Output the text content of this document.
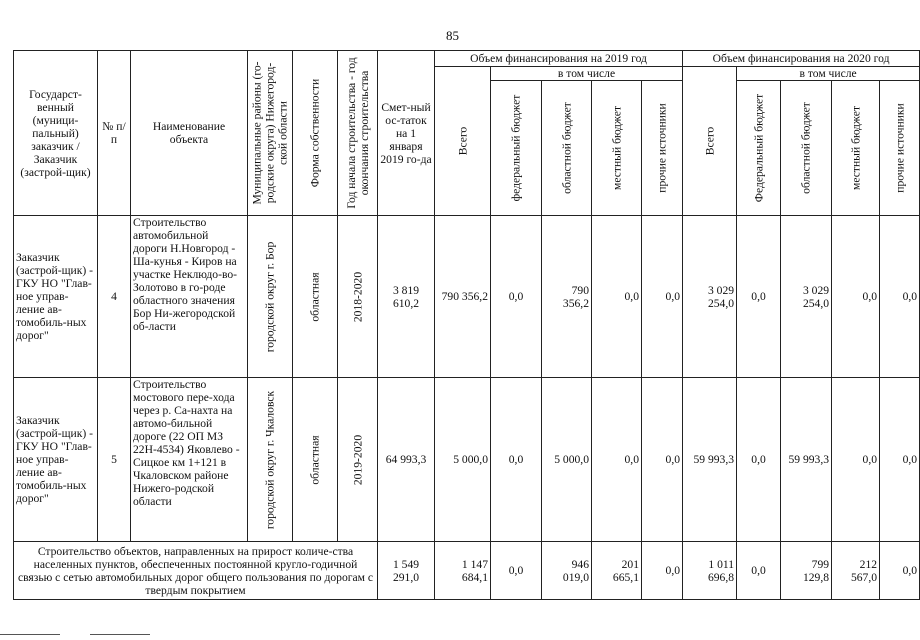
85
Государст-венный (муници-пальный) заказчик / Заказчик (застрой-щик)	№ п/п	Наименование объекта	Муниципальные районы (го-родские округа) Нижегород-ской области	Форма собственности	Год начала строительства - год окончания строительства	Смет-ный ос-таток на 1 января 2019 го-да	Объем финансирования на 2019 год					Объем финансирования на 2020 год				

							Всего	в том числе				Всего	в том числе			

								федеральный бюджет	областной бюджет	местный бюджет	прочие источники		Федеральный бюджет	областной бюджет	местный бюджет	прочие источники

Заказчик (застрой-щик) - ГКУ НО "Глав-ное управ-ление ав-томобиль-ных дорог"	4	Строительство автомобильной дороги Н.Новгород - Ша-кунья - Киров на участке Неклюдо-во-Золотово в го-роде областного значения Бор Ни-жегородской об-ласти	городской округ г. Бор	областная	2018-2020	3 819 610,2	790 356,2	0,0	790 356,2	0,0	0,0	3 029 254,0	0,0	3 029 254,0	0,0	0,0
Заказчик (застрой-щик) - ГКУ НО "Глав-ное управ-ление ав-томобиль-ных дорог"	5	Строительство мостового пере-хода через р. Са-нахта на автомо-бильной дороге (22 ОП МЗ 22Н-4534) Яковлево - Сицкое км 1+121 в Чкаловском районе Нижего-родской области	городской округ г. Чкаловск	областная	2019-2020	64 993,3	5 000,0	0,0	5 000,0	0,0	0,0	59 993,3	0,0	59 993,3	0,0	0,0
Строительство объектов, направленных на прирост количе-ства населенных пунктов, обеспеченных постоянной кругло-годичной связью с сетью автомобильных дорог общего пользования по дорогам с твердым покрытием						1 549 291,0	1 147 684,1	0,0	946 019,0	201 665,1	0,0	1 011 696,8	0,0	799 129,8	212 567,0	0,0
